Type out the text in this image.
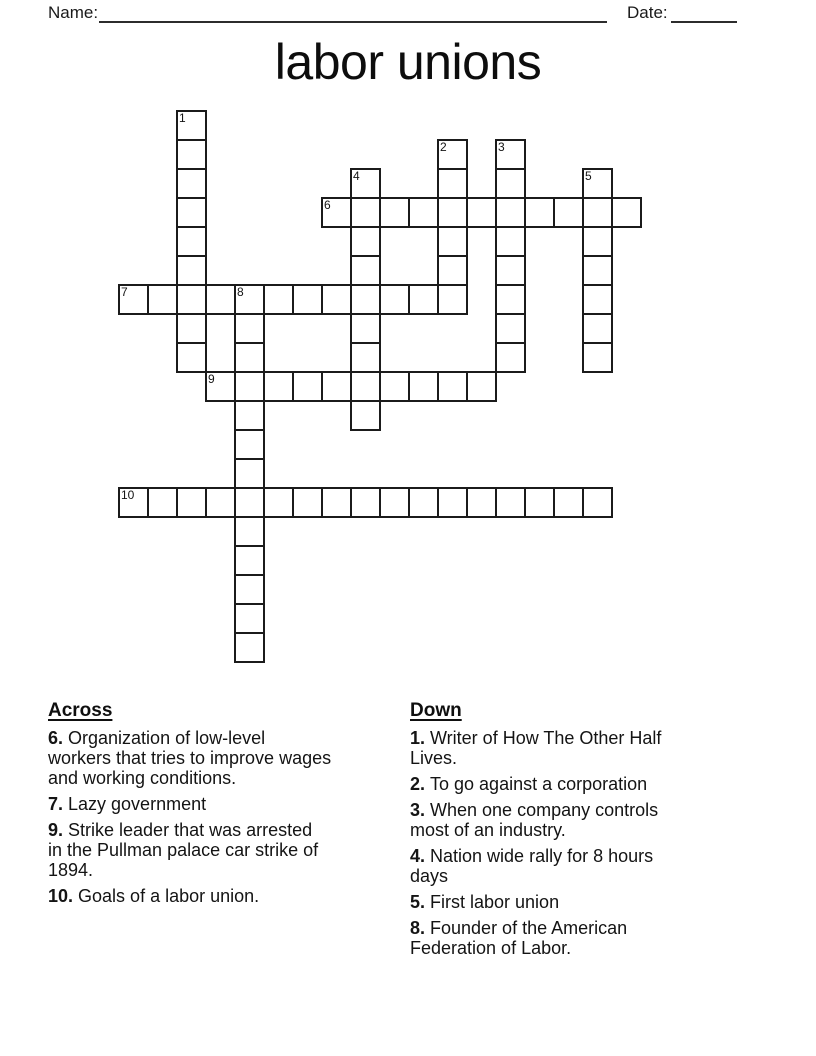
Name:	Date:
labor unions
1
2	3
4	5
6
7	8
9
10
Across
6. Organization of low-level
workers that tries to improve wages
and working conditions.
7. Lazy government
9. Strike leader that was arrested
in the Pullman palace car strike of
1894.
10. Goals of a labor union.
Down
1. Writer of How The Other Half
Lives.
2. To go against a corporation
3. When one company controls
most of an industry.
4. Nation wide rally for 8 hours
days
5. First labor union
8. Founder of the American
Federation of Labor.
